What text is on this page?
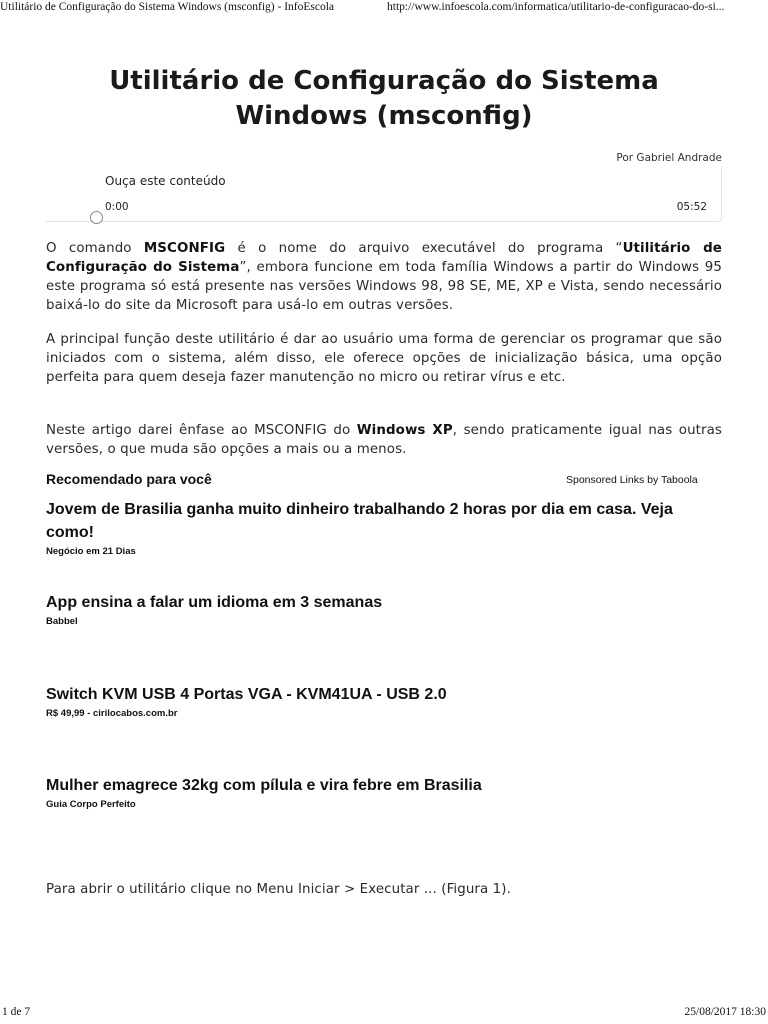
Utilitário de Configuração do Sistema Windows (msconfig) - InfoEscola	http://www.infoescola.com/informatica/utilitario-de-configuracao-do-si...
Utilitário de Configuração do Sistema
Windows (msconfig)
Por Gabriel Andrade
Ouça este conteúdo
0:00	05:52

O comando MSCONFIG é o nome do arquivo executável do programa “Utilitário de Configuração do Sistema”, embora funcione em toda família Windows a partir do Windows 95 este programa só está presente nas versões Windows 98, 98 SE, ME, XP e Vista, sendo necessário baixá-lo do site da Microsoft para usá-lo em outras versões.

A principal função deste utilitário é dar ao usuário uma forma de gerenciar os programar que são iniciados com o sistema, além disso, ele oferece opções de inicialização básica, uma opção perfeita para quem deseja fazer manutenção no micro ou retirar vírus e etc.

Neste artigo darei ênfase ao MSCONFIG do Windows XP, sendo praticamente igual nas outras versões, o que muda são opções a mais ou a menos.

Recomendado para você	Sponsored Links by Taboola
Jovem de Brasilia ganha muito dinheiro trabalhando 2 horas por dia em casa. Veja como!
Negócio em 21 Dias
App ensina a falar um idioma em 3 semanas
Babbel
Switch KVM USB 4 Portas VGA - KVM41UA - USB 2.0
R$ 49,99 - cirilocabos.com.br
Mulher emagrece 32kg com pílula e vira febre em Brasilia
Guia Corpo Perfeito

Para abrir o utilitário clique no Menu Iniciar > Executar ... (Figura 1).

1 de 7	25/08/2017 18:30
